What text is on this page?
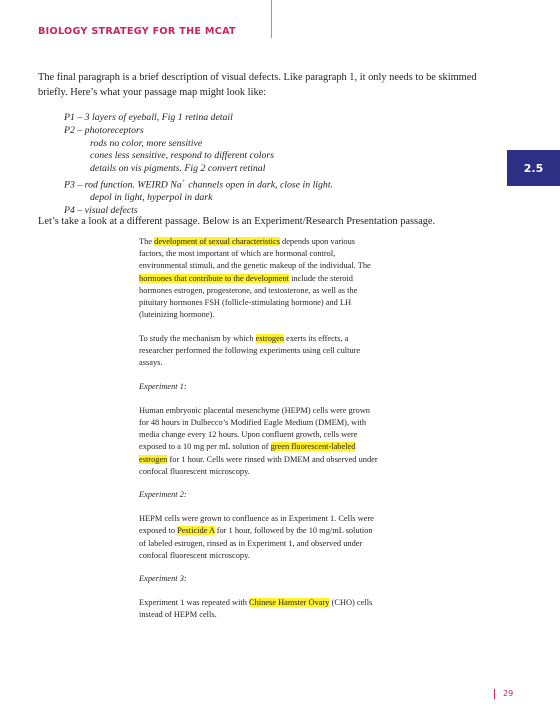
BIOLOGY STRATEGY FOR THE MCAT
2.5

The final paragraph is a brief description of visual defects. Like paragraph 1, it only needs to be skimmed briefly. Here’s what your passage map might look like:

P1 – 3 layers of eyeball, Fig 1 retina detail
P2 – photoreceptors
rods no color, more sensitive
cones less sensitive, respond to different colors
details on vis pigments. Fig 2 convert retinal
P3 – rod function. WEIRD Na+ channels open in dark, close in light.
depol in light, hyperpol in dark
P4 – visual defects

Let’s take a look at a different passage. Below is an Experiment/Research Presentation passage.

The development of sexual characteristics depends upon various factors, the most important of which are hormonal control, environmental stimuli, and the genetic makeup of the individual. The hormones that contribute to the development include the steroid hormones estrogen, progesterone, and testosterone, as well as the pituitary hormones FSH (follicle-stimulating hormone) and LH (luteinizing hormone).

To study the mechanism by which estrogen exerts its effects, a researcher performed the following experiments using cell culture assays.

Experiment 1:

Human embryonic placental mesenchyme (HEPM) cells were grown for 48 hours in Dulbecco’s Modified Eagle Medium (DMEM), with media change every 12 hours. Upon confluent growth, cells were exposed to a 10 mg per mL solution of green fluorescent-labeled estrogen for 1 hour. Cells were rinsed with DMEM and observed under confocal fluorescent microscopy.

Experiment 2:

HEPM cells were grown to confluence as in Experiment 1. Cells were exposed to Pesticide A for 1 hour, followed by the 10 mg/mL solution of labeled estrogen, rinsed as in Experiment 1, and observed under confocal fluorescent microscopy.

Experiment 3:

Experiment 1 was repeated with Chinese Hamster Ovary (CHO) cells instead of HEPM cells.

29
